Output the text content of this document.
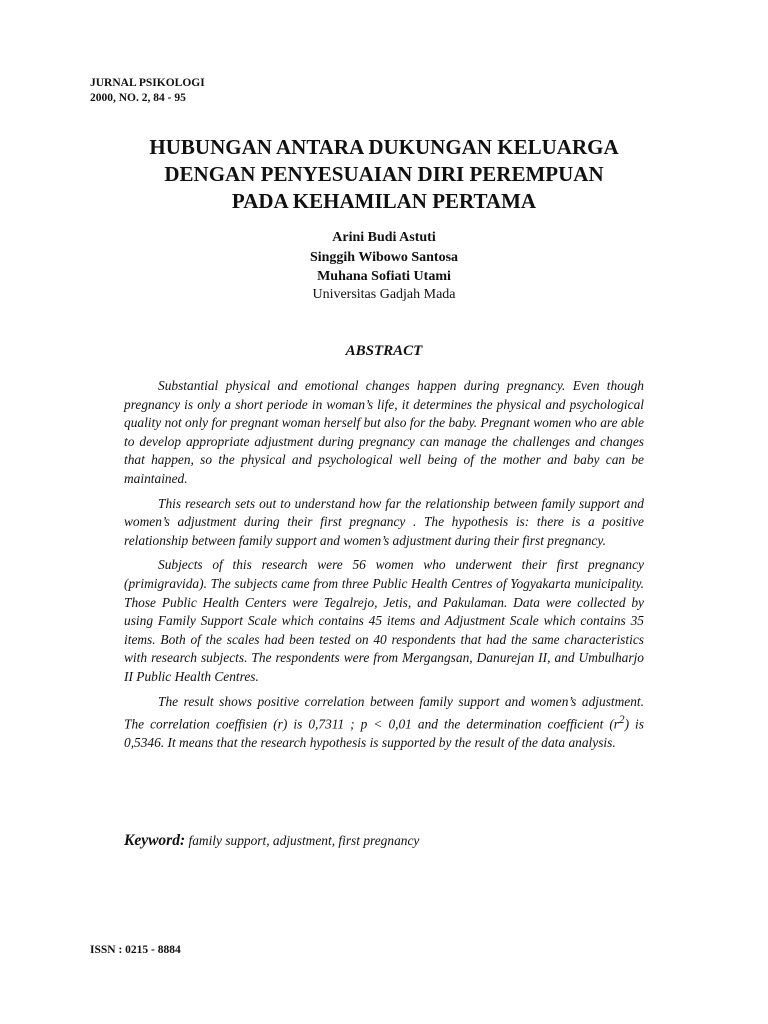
JURNAL PSIKOLOGI
2000, NO. 2, 84 - 95
HUBUNGAN ANTARA DUKUNGAN KELUARGA
DENGAN PENYESUAIAN DIRI PEREMPUAN
PADA KEHAMILAN PERTAMA
Arini Budi Astuti
Singgih Wibowo Santosa
Muhana Sofiati Utami
Universitas Gadjah Mada
ABSTRACT

Substantial physical and emotional changes happen during pregnancy. Even though pregnancy is only a short periode in woman’s life, it determines the physical and psychological quality not only for pregnant woman herself but also for the baby. Pregnant women who are able to develop appropriate adjustment during pregnancy can manage the challenges and changes that happen, so the physical and psychological well being of the mother and baby can be maintained.

This research sets out to understand how far the relationship between family support and women’s adjustment during their first pregnancy . The hypothesis is: there is a positive relationship between family support and women’s adjustment during their first pregnancy.

Subjects of this research were 56 women who underwent their first pregnancy (primigravida). The subjects came from three Public Health Centres of Yogyakarta municipality. Those Public Health Centers were Tegalrejo, Jetis, and Pakulaman. Data were collected by using Family Support Scale which contains 45 items and Adjustment Scale which contains 35 items. Both of the scales had been tested on 40 respondents that had the same characteristics with research subjects. The respondents were from Mergangsan, Danurejan II, and Umbulharjo II Public Health Centres.

The result shows positive correlation between family support and women’s adjustment. The correlation coeffisien (r) is 0,7311 ; p < 0,01 and the determination coefficient $(r^2)$ is 0,5346. It means that the research hypothesis is supported by the result of the data analysis.

Keyword: family support, adjustment, first pregnancy
ISSN : 0215 - 8884
